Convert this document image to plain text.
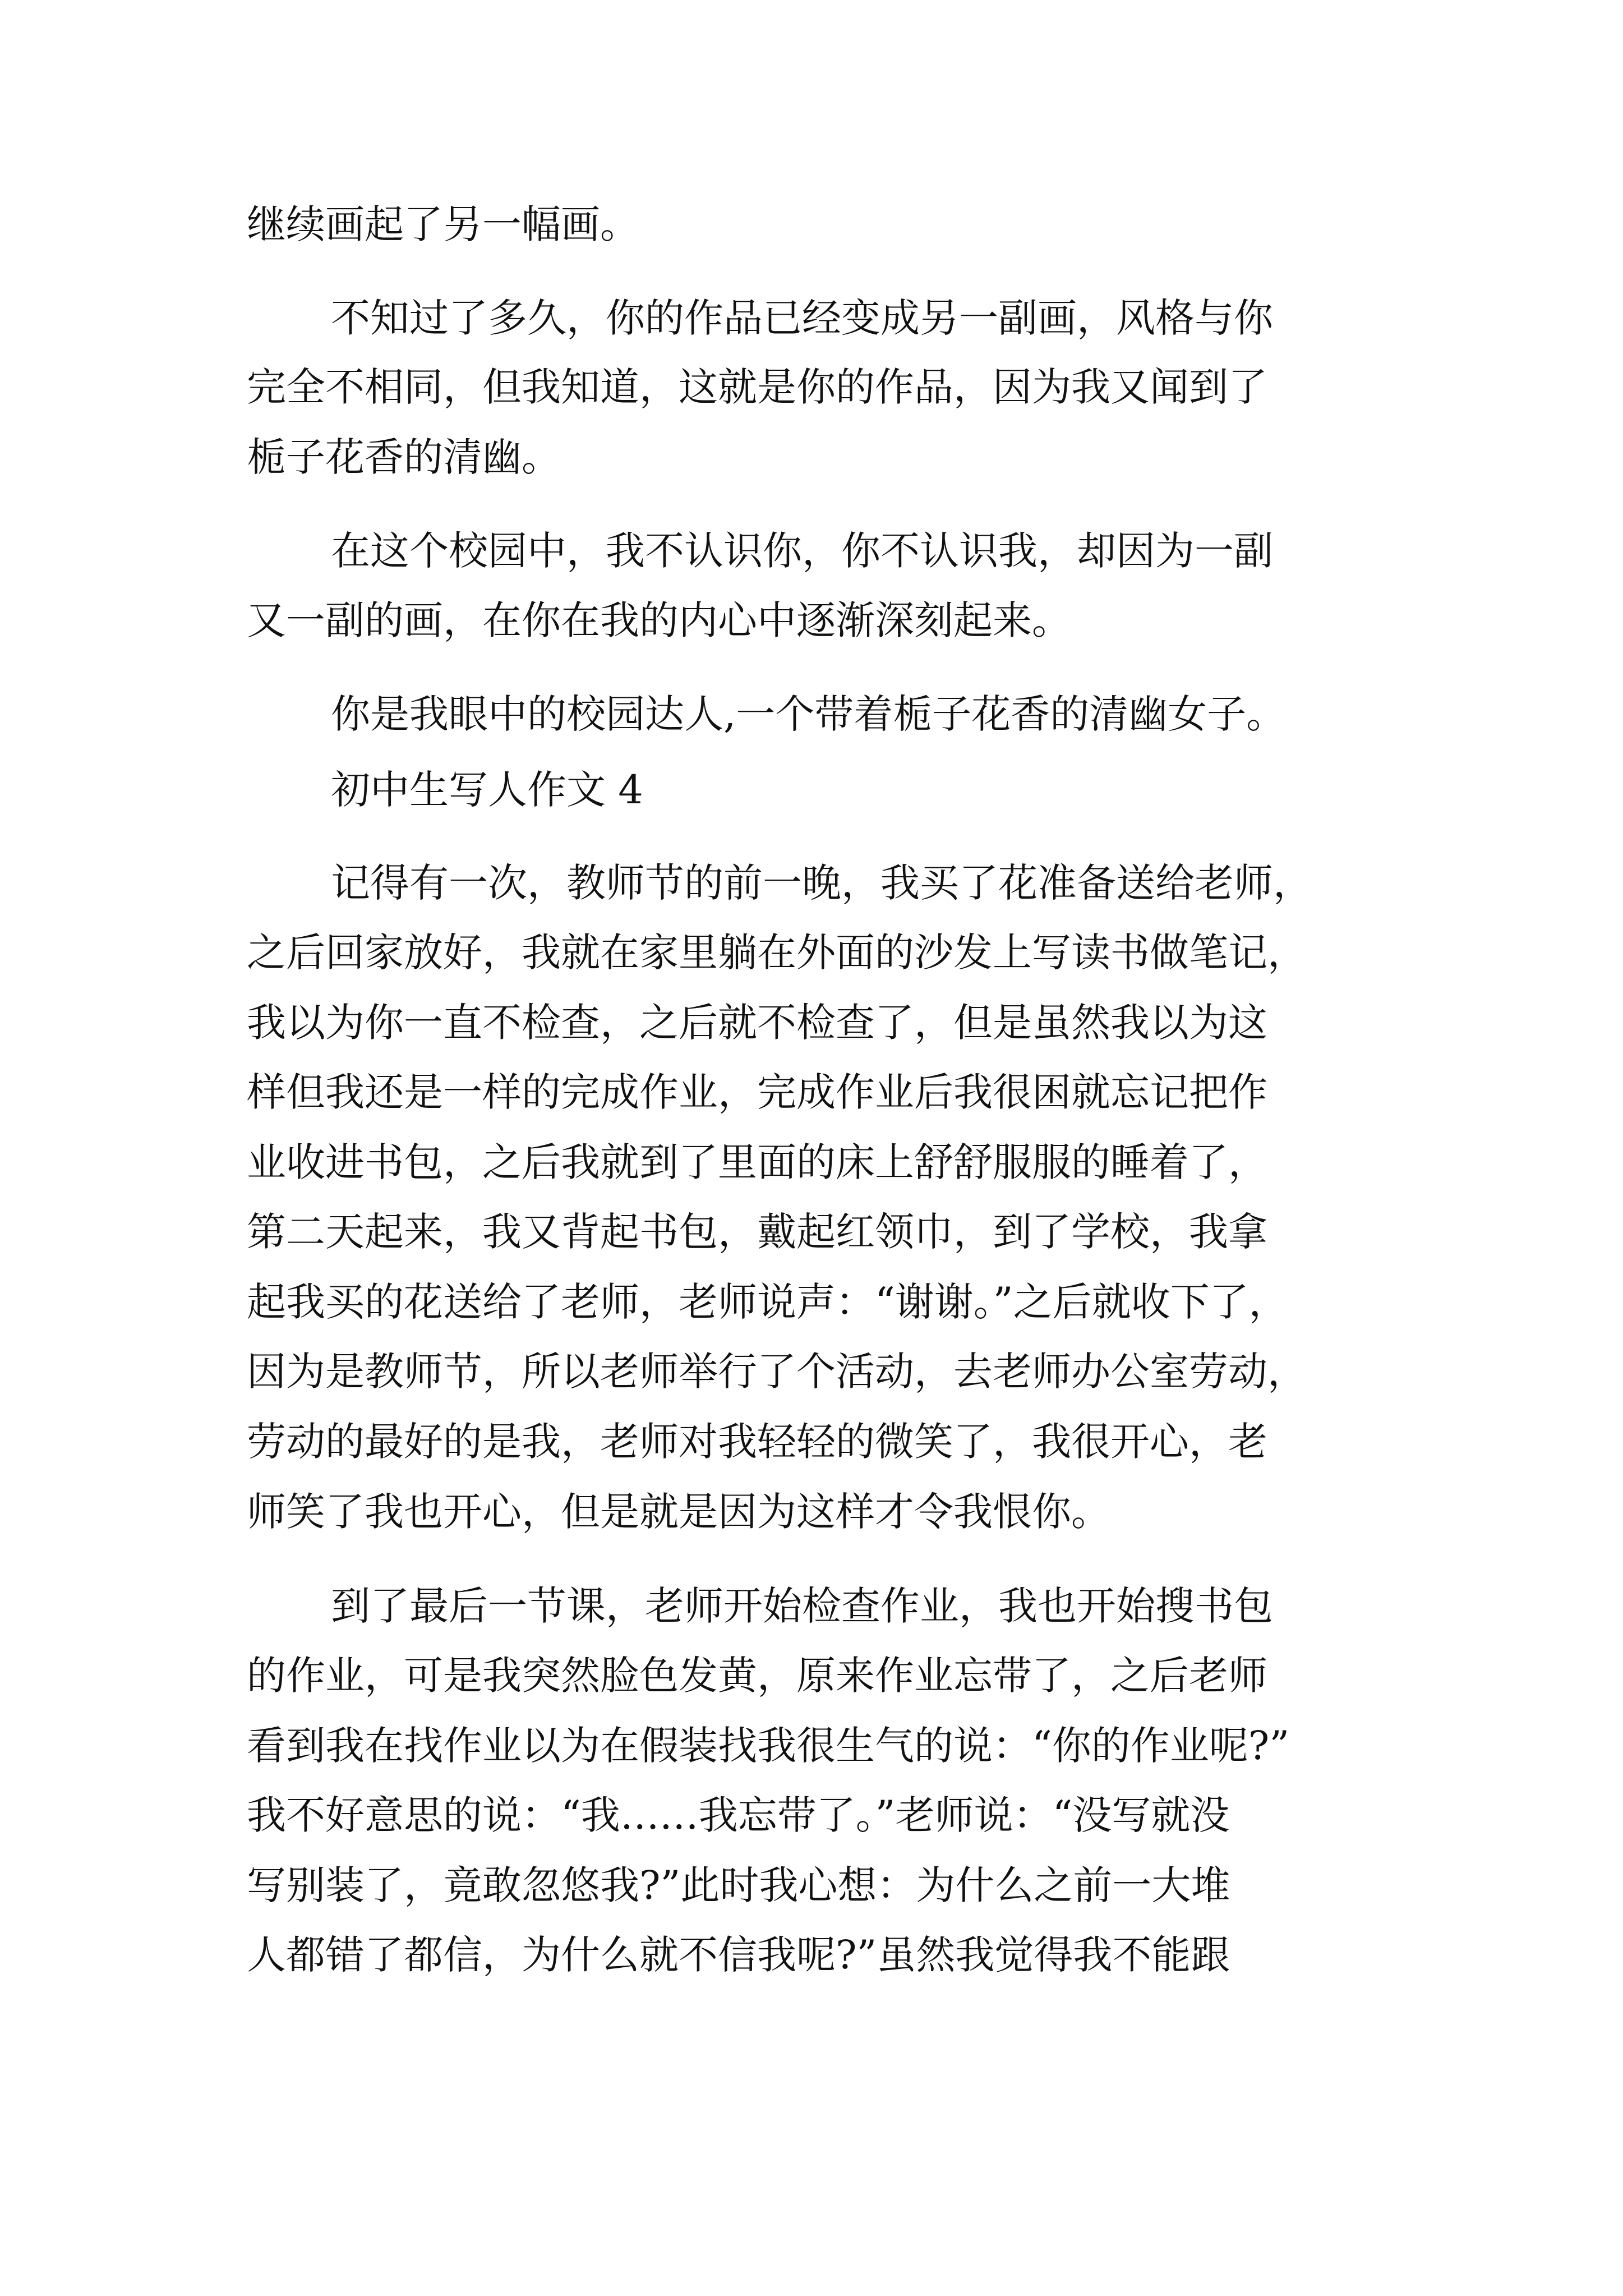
继续画起了另一幅画。
不知过了多久，你的作品已经变成另一副画，风格与你
完全不相同，但我知道，这就是你的作品，因为我又闻到了
栀子花香的清幽。
在这个校园中，我不认识你，你不认识我，却因为一副
又一副的画，在你在我的内心中逐渐深刻起来。
你是我眼中的校园达人,一个带着栀子花香的清幽女子。
初中生写人作文 4
记得有一次，教师节的前一晚，我买了花准备送给老师，
之后回家放好，我就在家里躺在外面的沙发上写读书做笔记，
我以为你一直不检查，之后就不检查了，但是虽然我以为这
样但我还是一样的完成作业，完成作业后我很困就忘记把作
业收进书包，之后我就到了里面的床上舒舒服服的睡着了，
第二天起来，我又背起书包，戴起红领巾，到了学校，我拿
起我买的花送给了老师，老师说声：“谢谢。”之后就收下了，
因为是教师节，所以老师举行了个活动，去老师办公室劳动，
劳动的最好的是我，老师对我轻轻的微笑了，我很开心，老
师笑了我也开心，但是就是因为这样才令我恨你。
到了最后一节课，老师开始检查作业，我也开始搜书包
的作业，可是我突然脸色发黄，原来作业忘带了，之后老师
看到我在找作业以为在假装找我很生气的说：“你的作业呢?”
我不好意思的说：“我……我忘带了。”老师说：“没写就没
写别装了，竟敢忽悠我?”此时我心想：为什么之前一大堆
人都错了都信，为什么就不信我呢?”虽然我觉得我不能跟
